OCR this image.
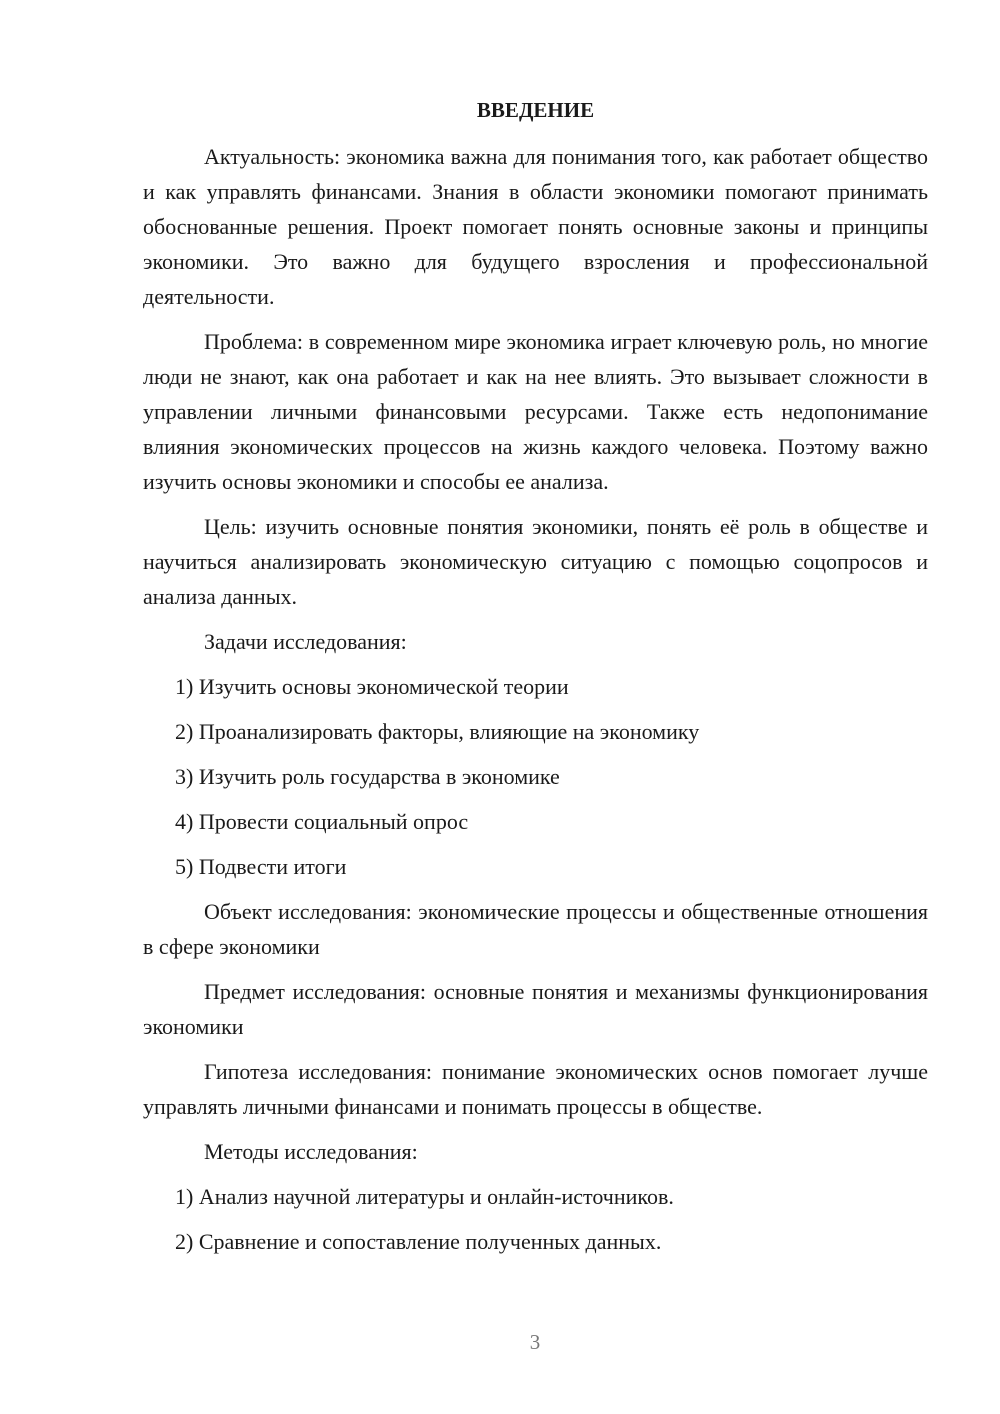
ВВЕДЕНИЕ

Актуальность: экономика важна для понимания того, как работает общество и как управлять финансами. Знания в области экономики помогают принимать обоснованные решения. Проект помогает понять основные законы и принципы экономики. Это важно для будущего взросления и профессиональной деятельности.

Проблема: в современном мире экономика играет ключевую роль, но многие люди не знают, как она работает и как на нее влиять. Это вызывает сложности в управлении личными финансовыми ресурсами. Также есть недопонимание влияния экономических процессов на жизнь каждого человека. Поэтому важно изучить основы экономики и способы ее анализа.

Цель: изучить основные понятия экономики, понять её роль в обществе и научиться анализировать экономическую ситуацию с помощью соцопросов и анализа данных.

Задачи исследования:

1) Изучить основы экономической теории
2) Проанализировать факторы, влияющие на экономику
3) Изучить роль государства в экономике
4) Провести социальный опрос
5) Подвести итоги

Объект исследования: экономические процессы и общественные отношения в сфере экономики

Предмет исследования: основные понятия и механизмы функционирования экономики

Гипотеза исследования: понимание экономических основ помогает лучше управлять личными финансами и понимать процессы в обществе.

Методы исследования:

1) Анализ научной литературы и онлайн-источников.
2) Сравнение и сопоставление полученных данных.
3
